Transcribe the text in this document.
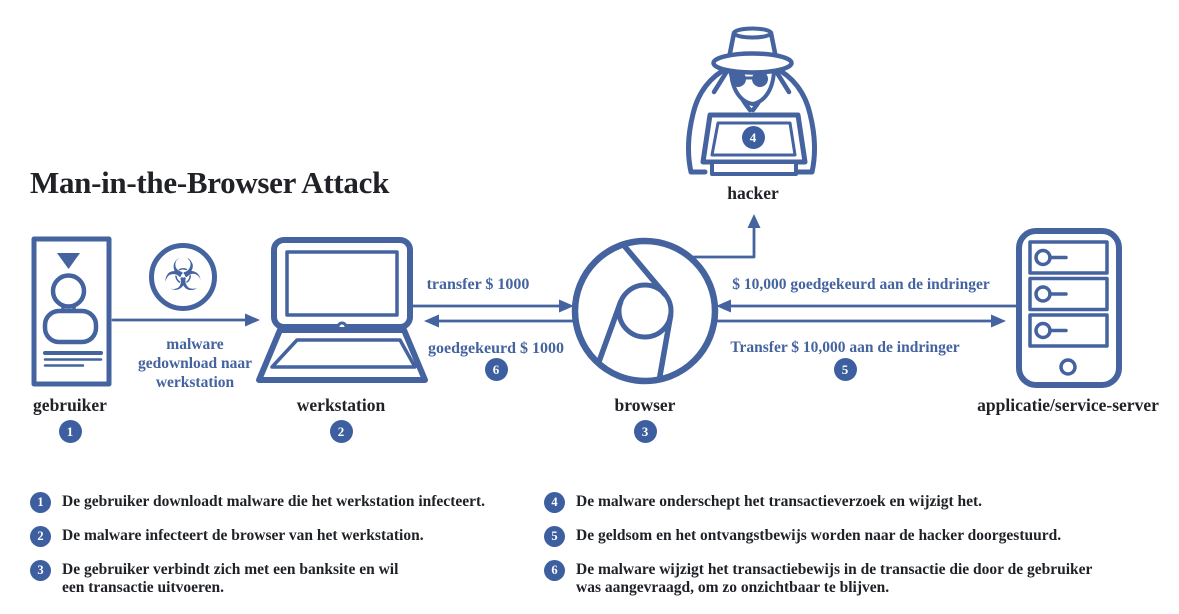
4
hacker
Man-in-the-Browser Attack
gebruiker
1
☣
malware
gedownload naar
werkstation
werkstation
2
browser
3
applicatie/service-server
transfer $ 1000
goedgekeurd $ 1000
6
$ 10,000 goedgekeurd aan de indringer
Transfer $ 10,000 aan de indringer
5
1	De gebruiker downloadt malware die het werkstation infecteert.
2	De malware infecteert de browser van het werkstation.
3	De gebruiker verbindt zich met een banksite en wil
een transactie uitvoeren.
4	De malware onderschept het transactieverzoek en wijzigt het.
5	De geldsom en het ontvangstbewijs worden naar de hacker doorgestuurd.
6	De malware wijzigt het transactiebewijs in de transactie die door de gebruiker
was aangevraagd, om zo onzichtbaar te blijven.
